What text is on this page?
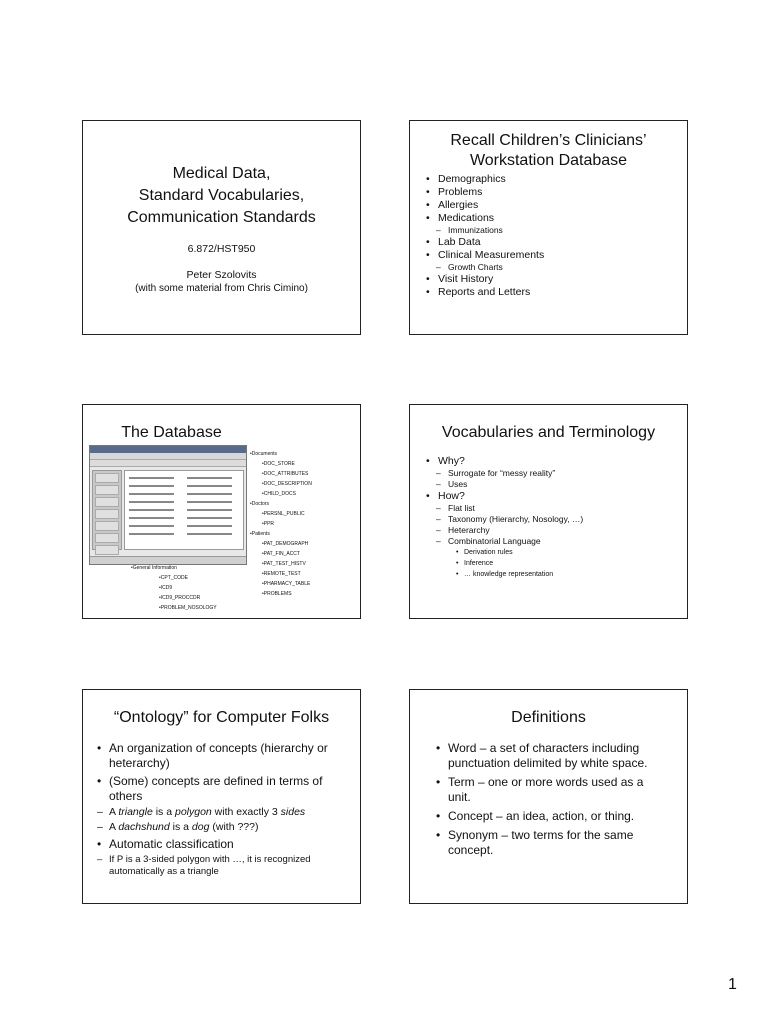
Medical Data,
Standard Vocabularies,
Communication Standards
6.872/HST950
Peter Szolovits
(with some material from Chris Cimino)
Recall Children’s Clinicians’
Workstation Database
• Demographics
• Problems
• Allergies
• Medications
– Immunizations
• Lab Data
• Clinical Measurements
– Growth Charts
• Visit History
• Reports and Letters
The Database
•Documents
•DOC_STORE
•DOC_ATTRIBUTES
•DOC_DESCRIPTION
•CHILD_DOCS
•Doctors
•PERSNL_PUBLIC
•PPR
•Patients
•PAT_DEMOGRAPH
•PAT_FIN_ACCT
•PAT_TEST_HISTV
•REMOTE_TEST
•PHARMACY_TABLE
•PROBLEMS
•General Information
•CPT_CODE
•ICD9
•ICD9_PROCCDR
•PROBLEM_NOSOLOGY
Vocabularies and Terminology
• Why?
– Surrogate for “messy reality”
– Uses
• How?
– Flat list
– Taxonomy (Hierarchy, Nosology, …)
– Heterarchy
– Combinatorial Language
• Derivation rules
• Inference
• … knowledge representation
“Ontology” for Computer Folks
• An organization of concepts (hierarchy or heterarchy)
• (Some) concepts are defined in terms of others
– A triangle is a polygon with exactly 3 sides
– A dachshund is a dog (with ???)
• Automatic classification
– If P is a 3-sided polygon with …, it is recognized automatically as a triangle
Definitions
• Word – a set of characters including punctuation delimited by white space.
• Term – one or more words used as a unit.
• Concept – an idea, action, or thing.
• Synonym – two terms for the same concept.
1
